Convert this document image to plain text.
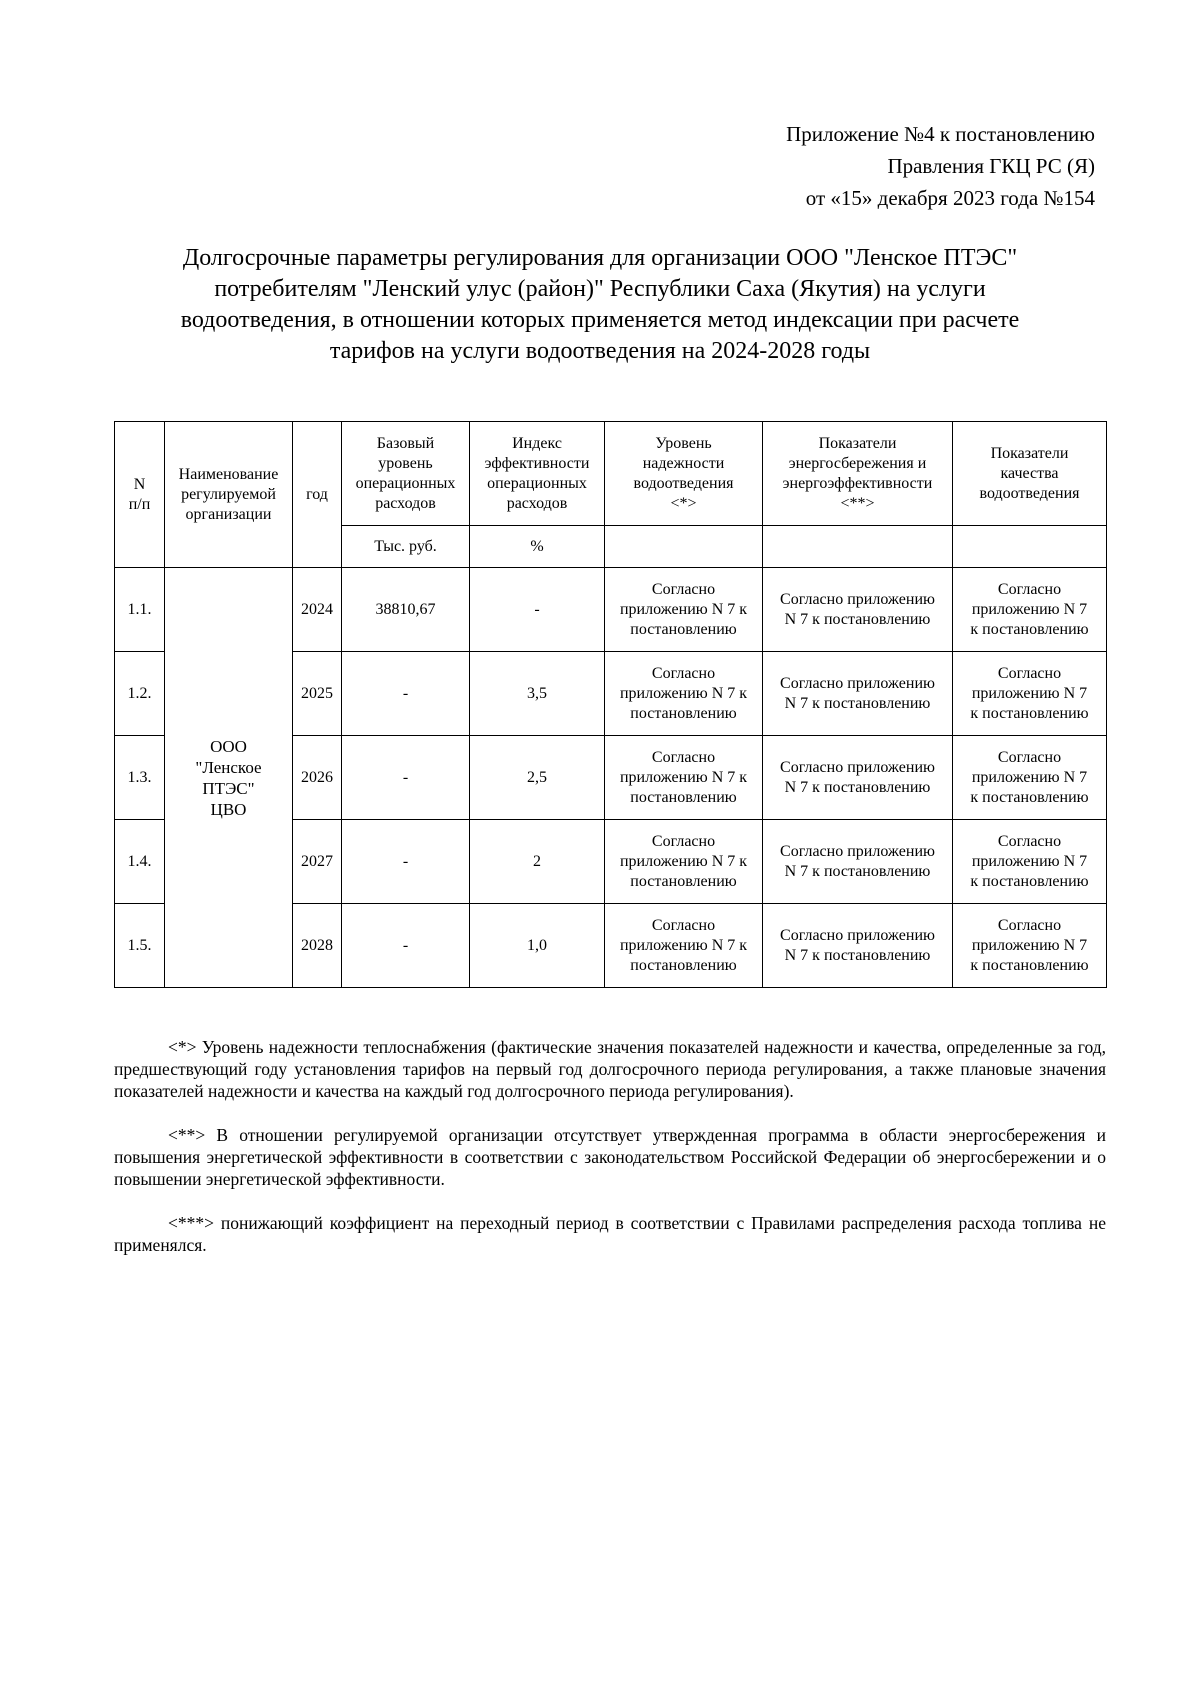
Приложение №4 к постановлению
Правления ГКЦ РС (Я)
от «15» декабря 2023 года №154
Долгосрочные параметры регулирования для организации ООО "Ленское ПТЭС"
потребителям "Ленский улус (район)" Республики Саха (Якутия) на услуги
водоотведения, в отношении которых применяется метод индексации при расчете
тарифов на услуги водоотведения на 2024-2028 годы
N
п/п	Наименование
регулируемой
организации	год	Базовый
уровень
операционных
расходов	Индекс
эффективности
операционных
расходов	Уровень
надежности
водоотведения
<*>	Показатели
энергосбережения и
энергоэффективности
<**>	Показатели
качества
водоотведения
			Тыс. руб.	%			
1.1.	ООО
"Ленское
ПТЭС"
ЦВО	2024	38810,67	-	Согласно
приложению N 7 к
постановлению	Согласно приложению
N 7 к постановлению	Согласно
приложению N 7
к постановлению
1.2.		2025	-	3,5	Согласно
приложению N 7 к
постановлению	Согласно приложению
N 7 к постановлению	Согласно
приложению N 7
к постановлению
1.3.		2026	-	2,5	Согласно
приложению N 7 к
постановлению	Согласно приложению
N 7 к постановлению	Согласно
приложению N 7
к постановлению
1.4.		2027	-	2	Согласно
приложению N 7 к
постановлению	Согласно приложению
N 7 к постановлению	Согласно
приложению N 7
к постановлению
1.5.		2028	-	1,0	Согласно
приложению N 7 к
постановлению	Согласно приложению
N 7 к постановлению	Согласно
приложению N 7
к постановлению

<*> Уровень надежности теплоснабжения (фактические значения показателей надежности и качества, определенные за год, предшествующий году установления тарифов на первый год долгосрочного периода регулирования, а также плановые значения показателей надежности и качества на каждый год долгосрочного периода регулирования).

<**> В отношении регулируемой организации отсутствует утвержденная программа в области энергосбережения и повышения энергетической эффективности в соответствии с законодательством Российской Федерации об энергосбережении и о повышении энергетической эффективности.

<***> понижающий коэффициент на переходный период в соответствии с Правилами распределения расхода топлива не применялся.
